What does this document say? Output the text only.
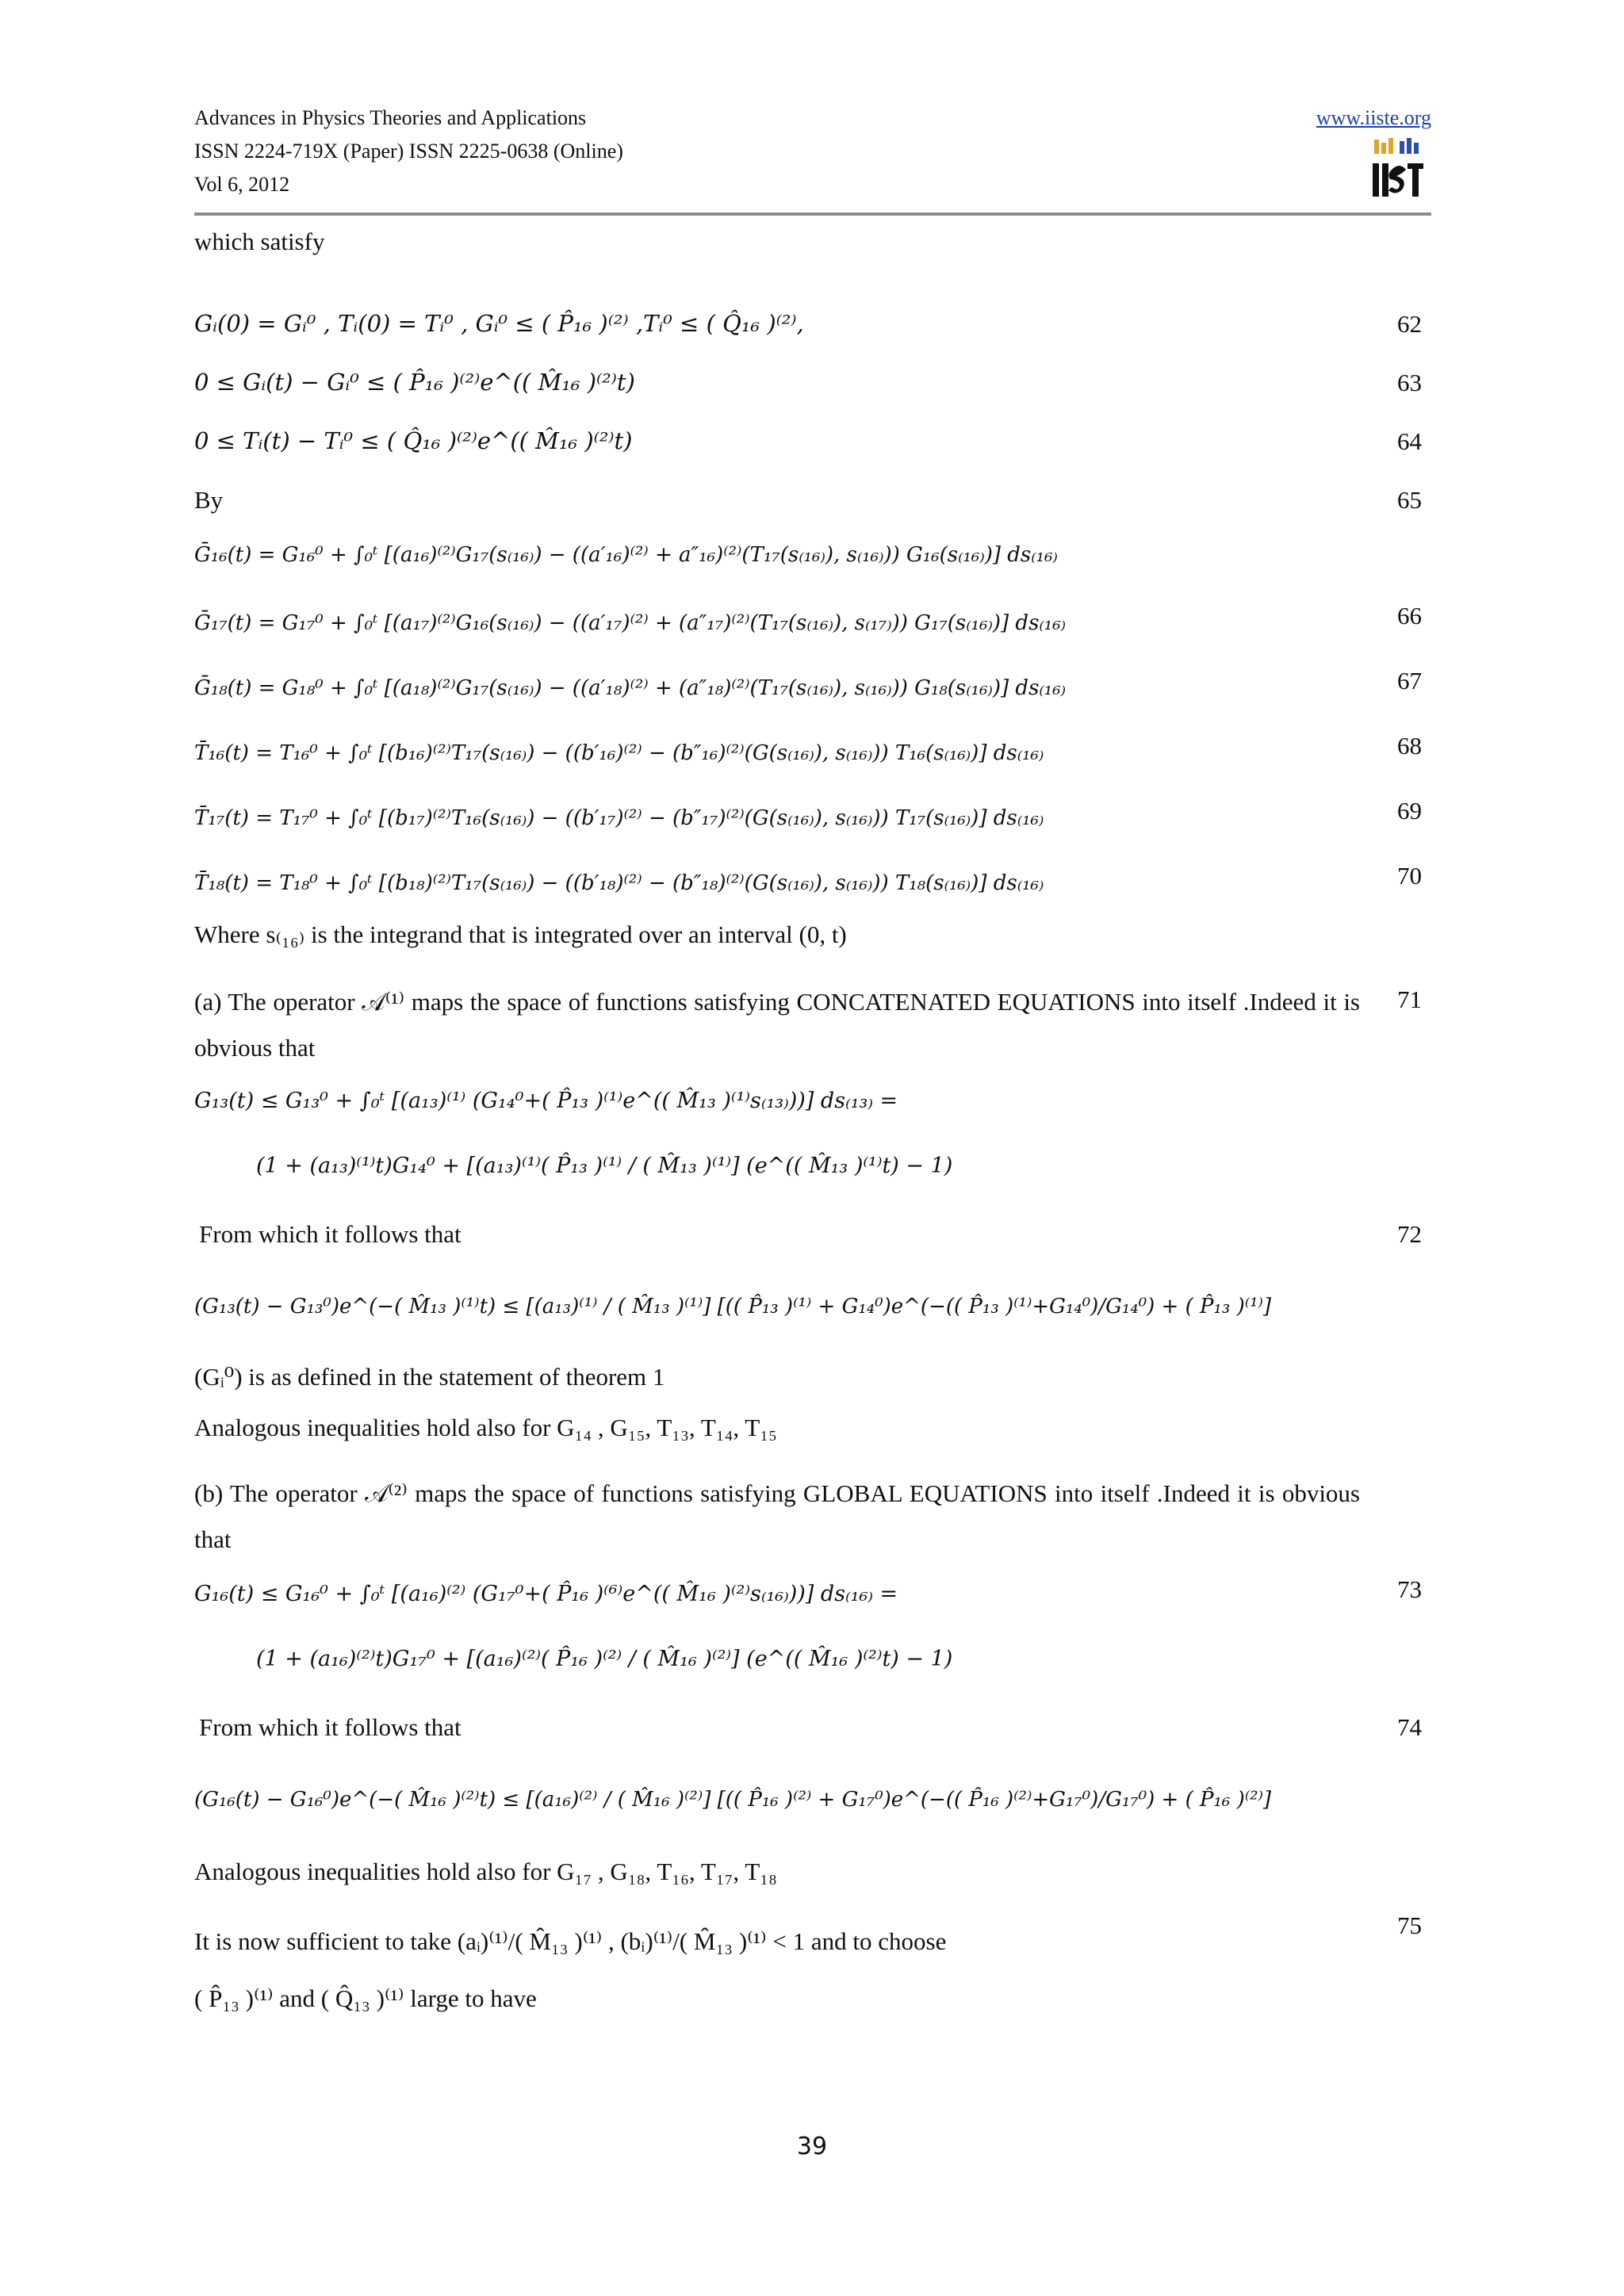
Advances in Physics Theories and Applications
ISSN 2224-719X (Paper) ISSN 2225-0638 (Online)
Vol 6, 2012
www.iiste.org
which satisfy
Gᵢ(0) = Gᵢ⁰ , Tᵢ(0) = Tᵢ⁰ , Gᵢ⁰ ≤ ( P̂₁₆ )⁽²⁾ ,Tᵢ⁰ ≤ ( Q̂₁₆ )⁽²⁾,	62
0 ≤ Gᵢ(t) − Gᵢ⁰ ≤ ( P̂₁₆ )⁽²⁾e^(( M̂₁₆ )⁽²⁾t)	63
0 ≤ Tᵢ(t) − Tᵢ⁰ ≤ ( Q̂₁₆ )⁽²⁾e^(( M̂₁₆ )⁽²⁾t)	64
By	65
Ḡ₁₆(t) = G₁₆⁰ + ∫₀ᵗ [(a₁₆)⁽²⁾G₁₇(s₍₁₆₎) − ((a′₁₆)⁽²⁾ + a″₁₆)⁽²⁾(T₁₇(s₍₁₆₎), s₍₁₆₎)) G₁₆(s₍₁₆₎)] ds₍₁₆₎
Ḡ₁₇(t) = G₁₇⁰ + ∫₀ᵗ [(a₁₇)⁽²⁾G₁₆(s₍₁₆₎) − ((a′₁₇)⁽²⁾ + (a″₁₇)⁽²⁾(T₁₇(s₍₁₆₎), s₍₁₇₎)) G₁₇(s₍₁₆₎)] ds₍₁₆₎	66
Ḡ₁₈(t) = G₁₈⁰ + ∫₀ᵗ [(a₁₈)⁽²⁾G₁₇(s₍₁₆₎) − ((a′₁₈)⁽²⁾ + (a″₁₈)⁽²⁾(T₁₇(s₍₁₆₎), s₍₁₆₎)) G₁₈(s₍₁₆₎)] ds₍₁₆₎	67
T̄₁₆(t) = T₁₆⁰ + ∫₀ᵗ [(b₁₆)⁽²⁾T₁₇(s₍₁₆₎) − ((b′₁₆)⁽²⁾ − (b″₁₆)⁽²⁾(G(s₍₁₆₎), s₍₁₆₎)) T₁₆(s₍₁₆₎)] ds₍₁₆₎	68
T̄₁₇(t) = T₁₇⁰ + ∫₀ᵗ [(b₁₇)⁽²⁾T₁₆(s₍₁₆₎) − ((b′₁₇)⁽²⁾ − (b″₁₇)⁽²⁾(G(s₍₁₆₎), s₍₁₆₎)) T₁₇(s₍₁₆₎)] ds₍₁₆₎	69
T̄₁₈(t) = T₁₈⁰ + ∫₀ᵗ [(b₁₈)⁽²⁾T₁₇(s₍₁₆₎) − ((b′₁₈)⁽²⁾ − (b″₁₈)⁽²⁾(G(s₍₁₆₎), s₍₁₆₎)) T₁₈(s₍₁₆₎)] ds₍₁₆₎	70
Where s₍₁₆₎ is the integrand that is integrated over an interval (0, t)
(a) The operator 𝒜⁽¹⁾ maps the space of functions satisfying CONCATENATED EQUATIONS into itself .Indeed it is obvious that
71
G₁₃(t) ≤ G₁₃⁰ + ∫₀ᵗ [(a₁₃)⁽¹⁾ (G₁₄⁰+( P̂₁₃ )⁽¹⁾e^(( M̂₁₃ )⁽¹⁾s₍₁₃₎))] ds₍₁₃₎ =
(1 + (a₁₃)⁽¹⁾t)G₁₄⁰ + [(a₁₃)⁽¹⁾( P̂₁₃ )⁽¹⁾ / ( M̂₁₃ )⁽¹⁾] (e^(( M̂₁₃ )⁽¹⁾t) − 1)
From which it follows that	72
(G₁₃(t) − G₁₃⁰)e^(−( M̂₁₃ )⁽¹⁾t) ≤ [(a₁₃)⁽¹⁾ / ( M̂₁₃ )⁽¹⁾] [(( P̂₁₃ )⁽¹⁾ + G₁₄⁰)e^(−(( P̂₁₃ )⁽¹⁾+G₁₄⁰)/G₁₄⁰) + ( P̂₁₃ )⁽¹⁾]
(Gᵢ⁰) is as defined in the statement of theorem 1
Analogous inequalities hold also for G₁₄ , G₁₅, T₁₃, T₁₄, T₁₅
(b) The operator 𝒜⁽²⁾ maps the space of functions satisfying GLOBAL EQUATIONS into itself .Indeed it is obvious that
G₁₆(t) ≤ G₁₆⁰ + ∫₀ᵗ [(a₁₆)⁽²⁾ (G₁₇⁰+( P̂₁₆ )⁽⁶⁾e^(( M̂₁₆ )⁽²⁾s₍₁₆₎))] ds₍₁₆₎ =	73
(1 + (a₁₆)⁽²⁾t)G₁₇⁰ + [(a₁₆)⁽²⁾( P̂₁₆ )⁽²⁾ / ( M̂₁₆ )⁽²⁾] (e^(( M̂₁₆ )⁽²⁾t) − 1)
From which it follows that	74
(G₁₆(t) − G₁₆⁰)e^(−( M̂₁₆ )⁽²⁾t) ≤ [(a₁₆)⁽²⁾ / ( M̂₁₆ )⁽²⁾] [(( P̂₁₆ )⁽²⁾ + G₁₇⁰)e^(−(( P̂₁₆ )⁽²⁾+G₁₇⁰)/G₁₇⁰) + ( P̂₁₆ )⁽²⁾]
Analogous inequalities hold also for G₁₇ , G₁₈, T₁₆, T₁₇, T₁₈
It is now sufficient to take (aᵢ)⁽¹⁾/( M̂₁₃ )⁽¹⁾ , (bᵢ)⁽¹⁾/( M̂₁₃ )⁽¹⁾ < 1 and to choose
75
( P̂₁₃ )⁽¹⁾ and ( Q̂₁₃ )⁽¹⁾ large to have
39
